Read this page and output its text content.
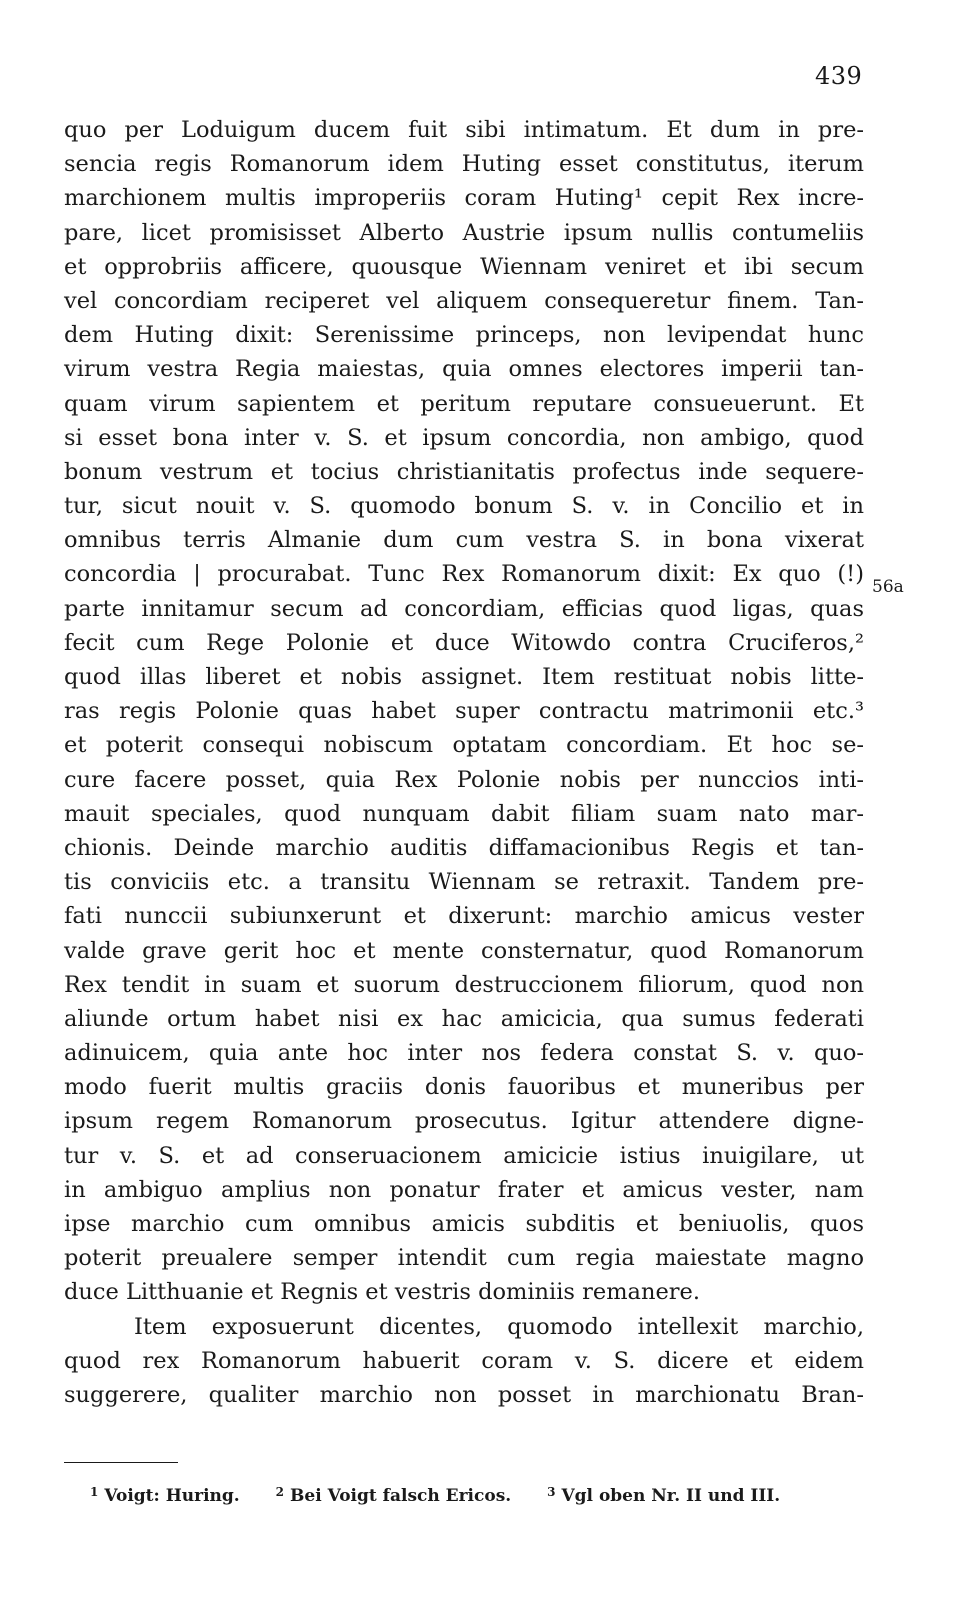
439
quo per Loduigum ducem fuit sibi intimatum. Et dum in pre-
sencia regis Romanorum idem Huting esset constitutus, iterum
marchionem multis improperiis coram Huting¹ cepit Rex incre-
pare, licet promisisset Alberto Austrie ipsum nullis contumeliis
et opprobriis afficere, quousque Wiennam veniret et ibi secum
vel concordiam reciperet vel aliquem consequeretur finem. Tan-
dem Huting dixit: Serenissime princeps, non levipendat hunc
virum vestra Regia maiestas, quia omnes electores imperii tan-
quam virum sapientem et peritum reputare consueuerunt. Et
si esset bona inter v. S. et ipsum concordia, non ambigo, quod
bonum vestrum et tocius christianitatis profectus inde sequere-
tur, sicut nouit v. S. quomodo bonum S. v. in Concilio et in
omnibus terris Almanie dum cum vestra S. in bona vixerat
concordia | procurabat. Tunc Rex Romanorum dixit: Ex quo (!)
parte innitamur secum ad concordiam, efficias quod ligas, quas
fecit cum Rege Polonie et duce Witowdo contra Cruciferos,²
quod illas liberet et nobis assignet. Item restituat nobis litte-
ras regis Polonie quas habet super contractu matrimonii etc.³
et poterit consequi nobiscum optatam concordiam. Et hoc se-
cure facere posset, quia Rex Polonie nobis per nunccios inti-
mauit speciales, quod nunquam dabit filiam suam nato mar-
chionis. Deinde marchio auditis diffamacionibus Regis et tan-
tis conviciis etc. a transitu Wiennam se retraxit. Tandem pre-
fati nunccii subiunxerunt et dixerunt: marchio amicus vester
valde grave gerit hoc et mente consternatur, quod Romanorum
Rex tendit in suam et suorum destruccionem filiorum, quod non
aliunde ortum habet nisi ex hac amicicia, qua sumus federati
adinuicem, quia ante hoc inter nos federa constat S. v. quo-
modo fuerit multis graciis donis fauoribus et muneribus per
ipsum regem Romanorum prosecutus. Igitur attendere digne-
tur v. S. et ad conseruacionem amicicie istius inuigilare, ut
in ambiguo amplius non ponatur frater et amicus vester, nam
ipse marchio cum omnibus amicis subditis et beniuolis, quos
poterit preualere semper intendit cum regia maiestate magno
duce Litthuanie et Regnis et vestris dominiis remanere.
Item exposuerunt dicentes, quomodo intellexit marchio,
quod rex Romanorum habuerit coram v. S. dicere et eidem
suggerere, qualiter marchio non posset in marchionatu Bran-
56a
$^1$ Voigt: Huring.	$^2$ Bei Voigt falsch Ericos.	$^3$ Vgl oben Nr. II und III.
